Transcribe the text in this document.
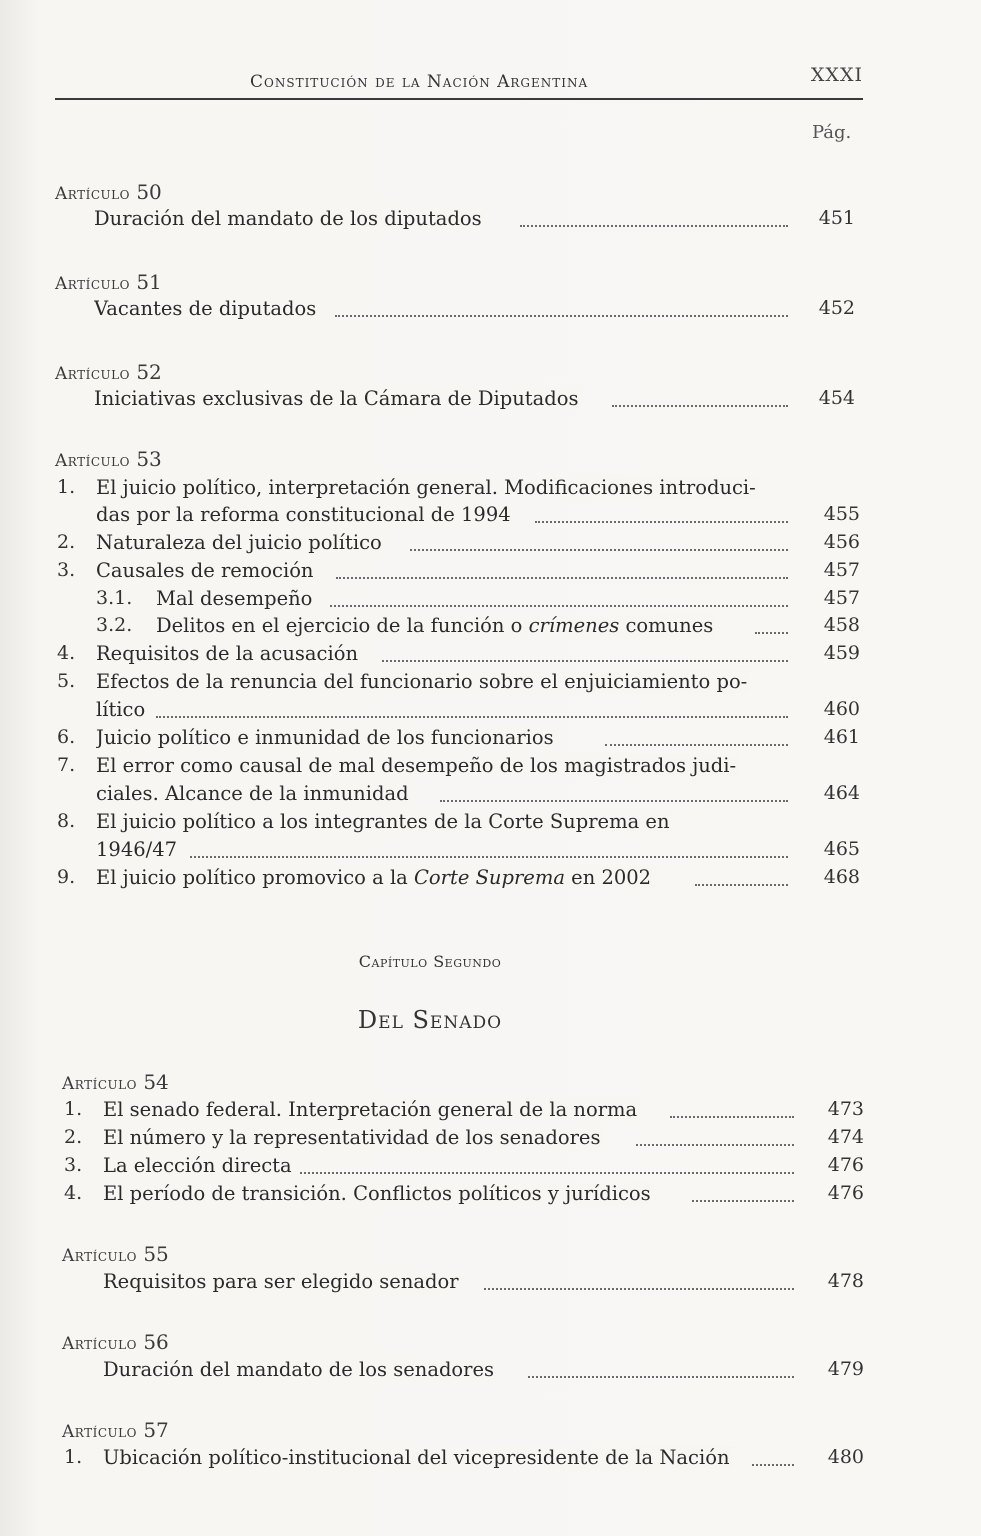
Constitución de la Nación Argentina	XXXI
Pág.
Artículo 50
Duración del mandato de los diputados	451
Artículo 51
Vacantes de diputados	452
Artículo 52
Iniciativas exclusivas de la Cámara de Diputados	454
Artículo 53
1. El juicio político, interpretación general. Modificaciones introduci-
das por la reforma constitucional de 1994	455
2. Naturaleza del juicio político	456
3. Causales de remoción	457
3.1. Mal desempeño	457
3.2. Delitos en el ejercicio de la función o crímenes comunes	458
4. Requisitos de la acusación	459
5. Efectos de la renuncia del funcionario sobre el enjuiciamiento po-
lítico	460
6. Juicio político e inmunidad de los funcionarios	461
7. El error como causal de mal desempeño de los magistrados judi-
ciales. Alcance de la inmunidad	464
8. El juicio político a los integrantes de la Corte Suprema en
1946/47	465
9. El juicio político promovico a la Corte Suprema en 2002	468
Capítulo Segundo
Del Senado
Artículo 54
1. El senado federal. Interpretación general de la norma	473
2. El número y la representatividad de los senadores	474
3. La elección directa	476
4. El período de transición. Conflictos políticos y jurídicos	476
Artículo 55
Requisitos para ser elegido senador	478
Artículo 56
Duración del mandato de los senadores	479
Artículo 57
1. Ubicación político-institucional del vicepresidente de la Nación	480
